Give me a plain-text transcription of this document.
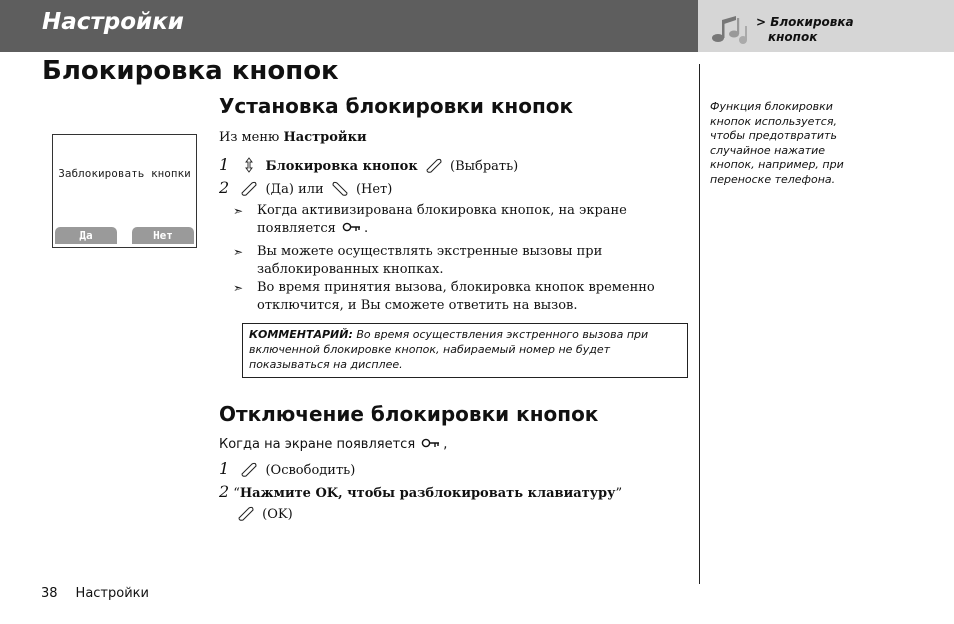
Настройки	> Блокировка
кнопок
Блокировка кнопок
Заблокировать кнопки
Да	Нет
Установка блокировки кнопок
Из меню Настройки
1	Блокировка кнопок (Выбрать)
2	(Да) или (Нет)
➣ Когда активизирована блокировка кнопок, на экране
появляется .
➣ Вы можете осуществлять экстренные вызовы при
заблокированных кнопках.
➣ Во время принятия вызова, блокировка кнопок временно
отключится, и Вы сможете ответить на вызов.
КОММЕНТАРИЙ: Во время осуществления экстренного вызова при
включенной блокировке кнопок, набираемый номер не будет
показываться на дисплее.
Отключение блокировки кнопок
Когда на экране появляется ,
1	(Освободить)
2 “Нажмите OK, чтобы разблокировать клавиатуру”
(OK)
Функция блокировки
кнопок используется,
чтобы предотвратить
случайное нажатие
кнопок, например, при
переноске телефона.
38 Настройки
